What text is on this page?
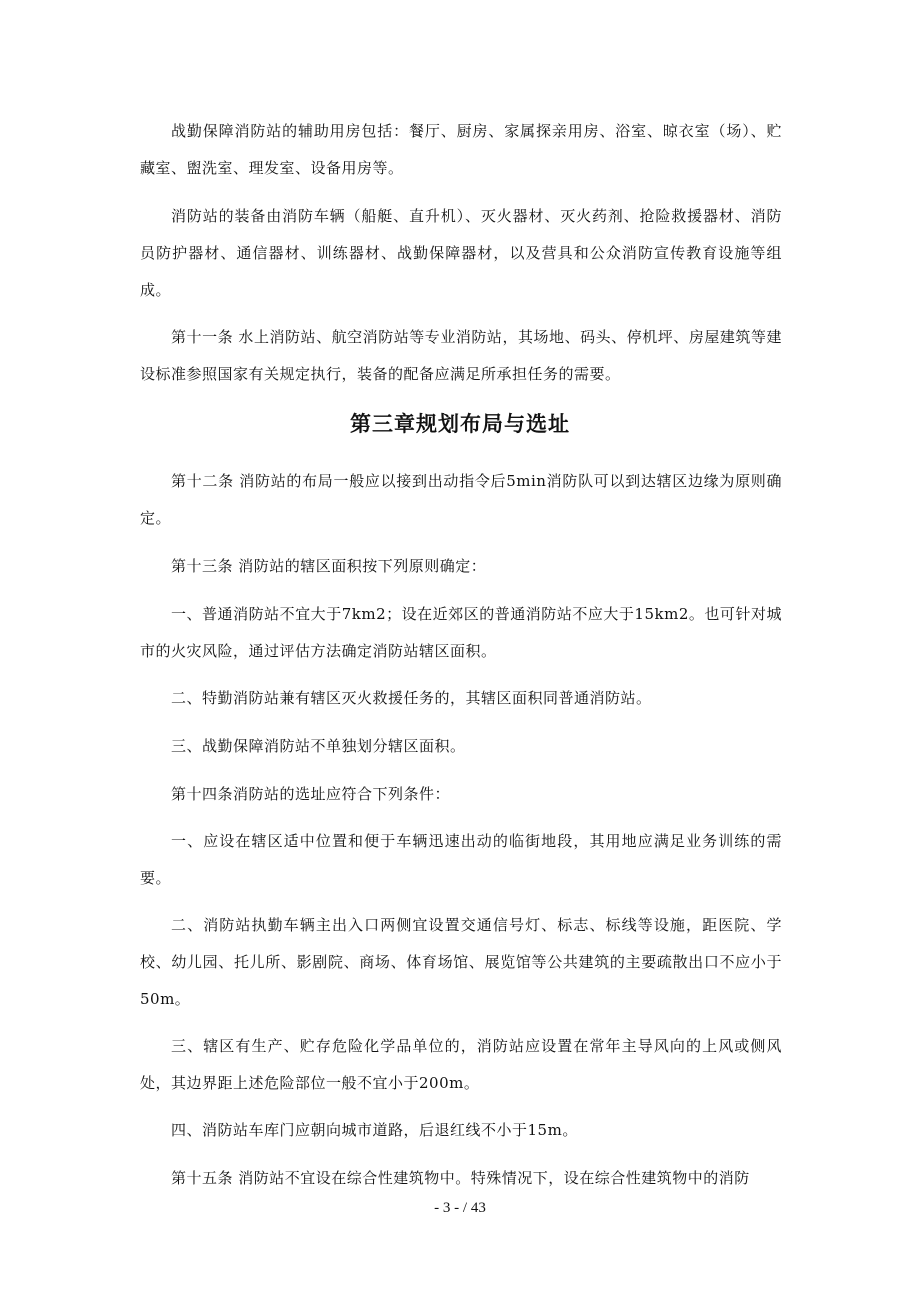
战勤保障消防站的辅助用房包括：餐厅、厨房、家属探亲用房、浴室、晾衣室（场）、贮藏室、盥洗室、理发室、设备用房等。

消防站的装备由消防车辆（船艇、直升机）、灭火器材、灭火药剂、抢险救援器材、消防员防护器材、通信器材、训练器材、战勤保障器材，以及营具和公众消防宣传教育设施等组成。

第十一条 水上消防站、航空消防站等专业消防站，其场地、码头、停机坪、房屋建筑等建设标准参照国家有关规定执行，装备的配备应满足所承担任务的需要。

第三章规划布局与选址

第十二条 消防站的布局一般应以接到出动指令后5min消防队可以到达辖区边缘为原则确定。

第十三条 消防站的辖区面积按下列原则确定：

一、普通消防站不宜大于7km2；设在近郊区的普通消防站不应大于15km2。也可针对城市的火灾风险，通过评估方法确定消防站辖区面积。

二、特勤消防站兼有辖区灭火救援任务的，其辖区面积同普通消防站。

三、战勤保障消防站不单独划分辖区面积。

第十四条消防站的选址应符合下列条件：

一、应设在辖区适中位置和便于车辆迅速出动的临街地段，其用地应满足业务训练的需要。

二、消防站执勤车辆主出入口两侧宜设置交通信号灯、标志、标线等设施，距医院、学校、幼儿园、托儿所、影剧院、商场、体育场馆、展览馆等公共建筑的主要疏散出口不应小于50m。

三、辖区有生产、贮存危险化学品单位的，消防站应设置在常年主导风向的上风或侧风处，其边界距上述危险部位一般不宜小于200m。

四、消防站车库门应朝向城市道路，后退红线不小于15m。

第十五条 消防站不宜设在综合性建筑物中。特殊情况下，设在综合性建筑物中的消防

- 3 - / 43
